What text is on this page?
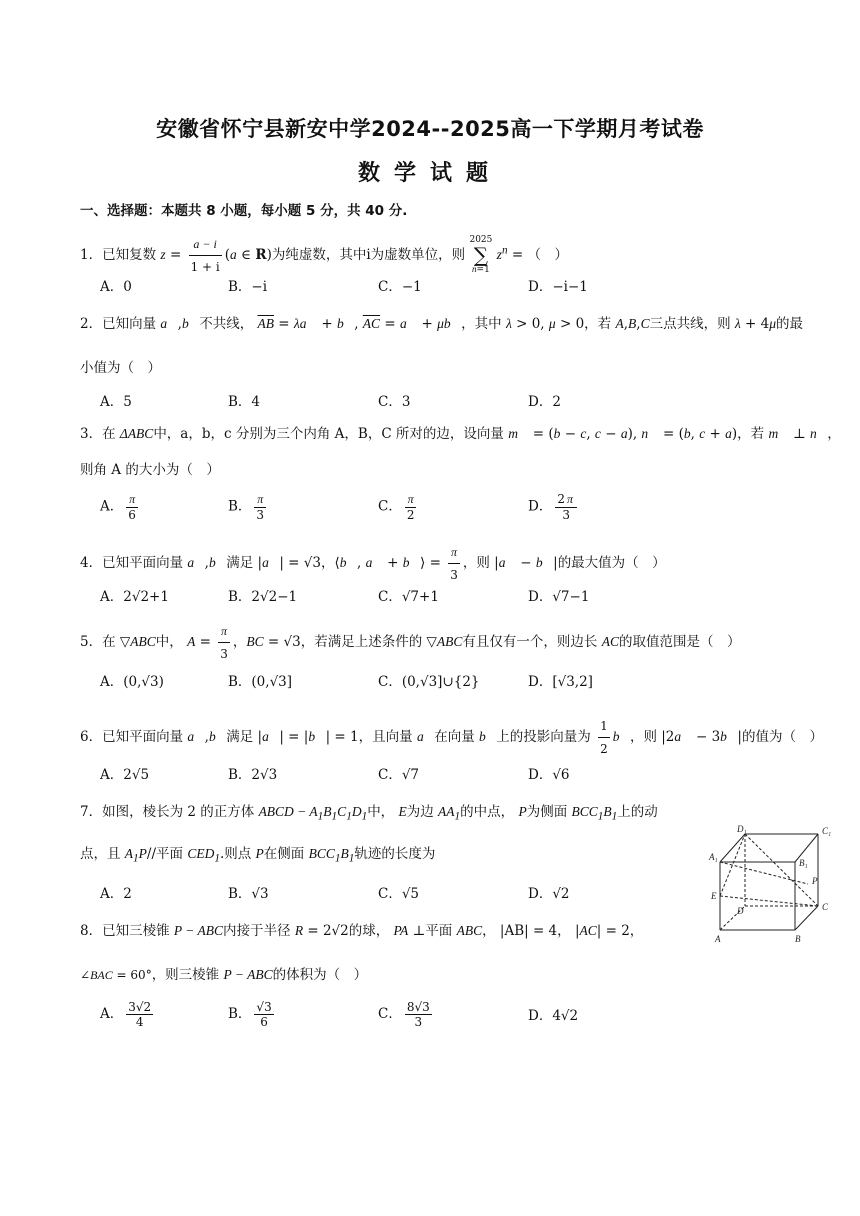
安徽省怀宁县新安中学2024--2025高一下学期月考试卷
数学试题
一、选择题：本题共 8 小题，每小题 5 分，共 40 分.
1．已知复数 $z = \frac{a - i}{1 + i} (a$ ∈ R)为纯虚数，其中i为虚数单位，则 2025
∑
n=1 $z^n$ = （　）
A．0	B．−i	C．−1	D．−i−1
2．已知向量 a⃗,b⃗不共线， $\overline{AB}$ = λa⃗ + b⃗, $\overline{AC}$ = a⃗ + μb⃗，其中 λ > 0, μ > 0，若 A,B,C三点共线，则 λ + 4μ的最
小值为（　）
A．5	B．4	C．3	D．2
3．在 ΔABC中，a，b，c 分别为三个内角 A，B，C 所对的边，设向量 m⃗ = (b − c, c − a), n⃗ = (b, c + a)，若 m⃗ ⊥ n⃗，
则角 A 的大小为（　）
A． $\frac{\pi}{6}$	B． $\frac{\pi}{3}$	C． $\frac{\pi}{2}$	D． $\frac{2 \pi}{3}$
4．已知平面向量 a⃗,b⃗满足 |a⃗| = √3，⟨b⃗, a⃗ + b⃗⟩ = $\frac{\pi}{3}$ ，则 |a⃗ − b⃗|的最大值为（　）
A．2√2+1	B．2√2−1	C．√7+1	D．√7−1
5．在 ▽ABC中， $A = \frac{\pi}{3}$ ，BC = √3，若满足上述条件的 ▽ABC有且仅有一个，则边长 AC的取值范围是（　）
A．(0,√3)	B．(0,√3]	C．(0,√3]∪{2}	D．[√3,2]
6．已知平面向量 a⃗,b⃗满足 |a⃗| = |b⃗| = 1，且向量 a⃗在向量 b⃗上的投影向量为 $\frac{1}{2}$ b⃗，则 |2a⃗ − 3b⃗|的值为（　）
A．2√5	B．2√3	C．√7	D．√6
7．如图，棱长为 2 的正方体 ABCD − $A_1B_1C_1D_1$中， E为边 $AA_1$的中点， P为侧面 $BCC_1B_1$上的动
点，且 $A_1P//$平面 $CED_1$.则点 P在侧面 $BCC_1B_1$轨迹的长度为
A．2	B．√3	C．√5	D．√2
D₁	C₁
A₁
B₁
E
P
D	C
A	B
8．已知三棱锥 P − ABC内接于半径 R = 2√2的球， PA ⊥平面 ABC， |AB| = 4， |AC| = 2，
∠BAC = 60°，则三棱锥 P − ABC的体积为（　）
A． $\frac{3√2}{4}$	B． $\frac{√3}{6}$	C． $\frac{8√3}{3}$	D．4√2
